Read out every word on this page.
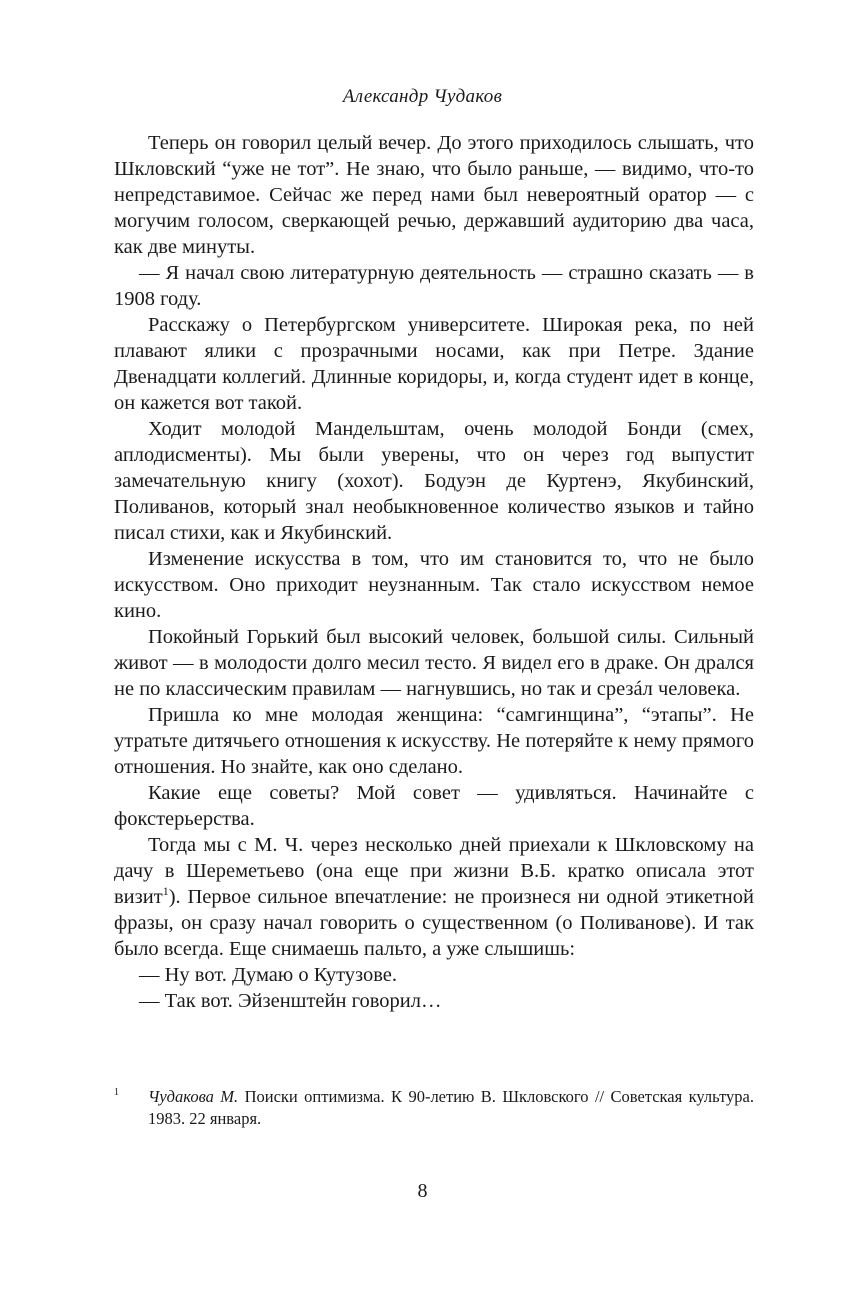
Александр Чудаков

Теперь он говорил целый вечер. До этого приходилось слышать, что Шкловский “уже не тот”. Не знаю, что было раньше, — видимо, что-то непредставимое. Сейчас же перед нами был невероятный оратор — с могучим голосом, сверкающей речью, державший аудиторию два часа, как две минуты.

— Я начал свою литературную деятельность — страшно сказать — в 1908 году.

Расскажу о Петербургском университете. Широкая река, по ней плавают ялики с прозрачными носами, как при Петре. Здание Двенадцати коллегий. Длинные коридоры, и, когда студент идет в конце, он кажется вот такой.

Ходит молодой Мандельштам, очень молодой Бонди (смех, аплодисменты). Мы были уверены, что он через год выпустит замечательную книгу (хохот). Бодуэн де Куртенэ, Якубинский, Поливанов, который знал необыкновенное количество языков и тайно писал стихи, как и Якубинский.

Изменение искусства в том, что им становится то, что не было искусством. Оно приходит неузнанным. Так стало искусством немое кино.

Покойный Горький был высокий человек, большой силы. Сильный живот — в молодости долго месил тесто. Я видел его в драке. Он дрался не по классическим правилам — нагнувшись, но так и срезáл человека.

Пришла ко мне молодая женщина: “самгинщина”, “этапы”. Не утратьте дитячьего отношения к искусству. Не потеряйте к нему прямого отношения. Но знайте, как оно сделано.

Какие еще советы? Мой совет — удивляться. Начинайте с фокстерьерства.

Тогда мы с М. Ч. через несколько дней приехали к Шкловскому на дачу в Шереметьево (она еще при жизни В.Б. кратко описала этот визит$^1$). Первое сильное впечатление: не произнеся ни одной этикетной фразы, он сразу начал говорить о существенном (о Поливанове). И так было всегда. Еще снимаешь пальто, а уже слышишь:

— Ну вот. Думаю о Кутузове.

— Так вот. Эйзенштейн говорил…

1	Чудакова М. Поиски оптимизма. К 90-летию В. Шкловского // Советская культура. 1983. 22 января.
8
